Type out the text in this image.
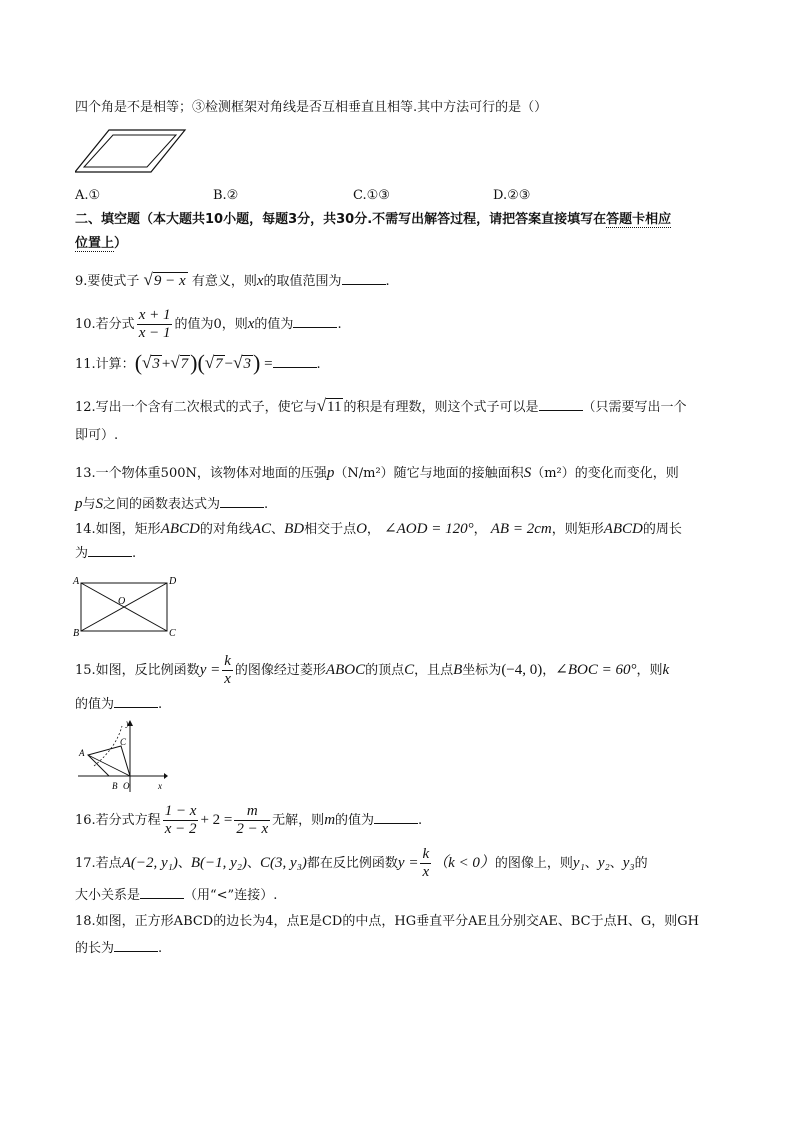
四个角是不是相等；③检测框架对角线是否互相垂直且相等.其中方法可行的是（）
A.①	B.②	C.①③	D.②③
二、填空题（本大题共10小题，每题3分，共30分.不需写出解答过程，请把答案直接填写在答题卡相应
位置上）
9.要使式子 √9 − x 有意义，则x的取值范围为	.
10.若分式 $\frac{x + 1}{x - 1}$ 的值为0，则x的值为	.
11.计算：(√3 +√7)(√7 −√3) =	.
12.写出一个含有二次根式的式子，使它与√11 的积是有理数，则这个式子可以是	（只需要写出一个
即可）.
13.一个物体重500N，该物体对地面的压强p（N/m²）随它与地面的接触面积S（m²）的变化而变化，则
p与S之间的函数表达式为	.
14.如图，矩形ABCD的对角线AC、BD相交于点O， ∠AOD = 120°， AB = 2cm，则矩形ABCD的周长
为	.
A	D
O
B	C
15.如图，反比例函数$y = \frac{k}{x}$ 的图像经过菱形ABOC的顶点C，且点B坐标为(−4, 0)，∠BOC = 60°，则k
的值为	.
y
A
C
B O	x
16.若分式方程 $\frac{1 - x}{x - 2} + 2 = \frac{m}{2 - x}$ 无解，则m的值为	.
17.若点A(−2, y₁)、B(−1, y₂)、C(3, y₃)都在反比例函数$y = \frac{k}{x} (k < 0)$的图像上，则y₁、y₂、y₃的
大小关系是	（用“<”连接）.
18.如图，正方形ABCD的边长为4，点E是CD的中点，HG垂直平分AE且分别交AE、BC于点H、G，则GH
的长为	.
